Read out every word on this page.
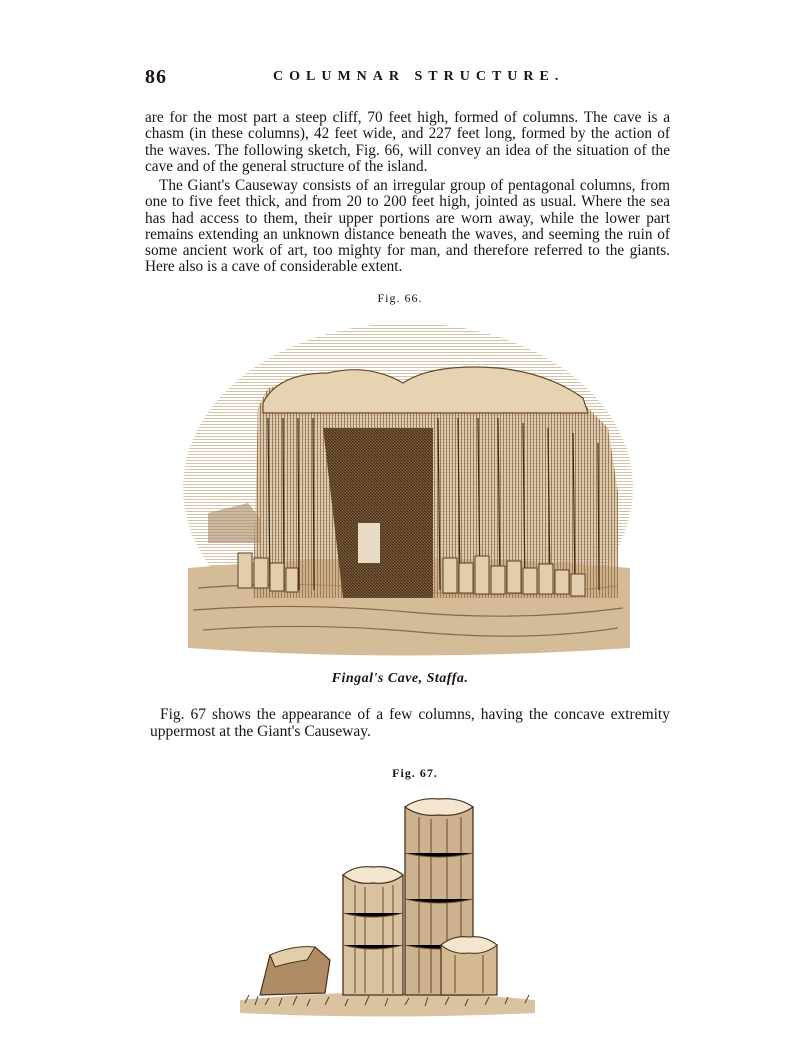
86	COLUMNAR STRUCTURE.

are for the most part a steep cliff, 70 feet high, formed of columns. The cave is a chasm (in these columns), 42 feet wide, and 227 feet long, formed by the action of the waves. The following sketch, Fig. 66, will convey an idea of the situation of the cave and of the general structure of the island.

The Giant's Causeway consists of an irregular group of pentagonal columns, from one to five feet thick, and from 20 to 200 feet high, jointed as usual. Where the sea has had access to them, their upper portions are worn away, while the lower part remains extending an unknown distance beneath the waves, and seeming the ruin of some ancient work of art, too mighty for man, and therefore referred to the giants. Here also is a cave of considerable extent.

Fig. 66.
Fingal's Cave, Staffa.

Fig. 67 shows the appearance of a few columns, having the concave extremity uppermost at the Giant's Causeway.

Fig. 67.
